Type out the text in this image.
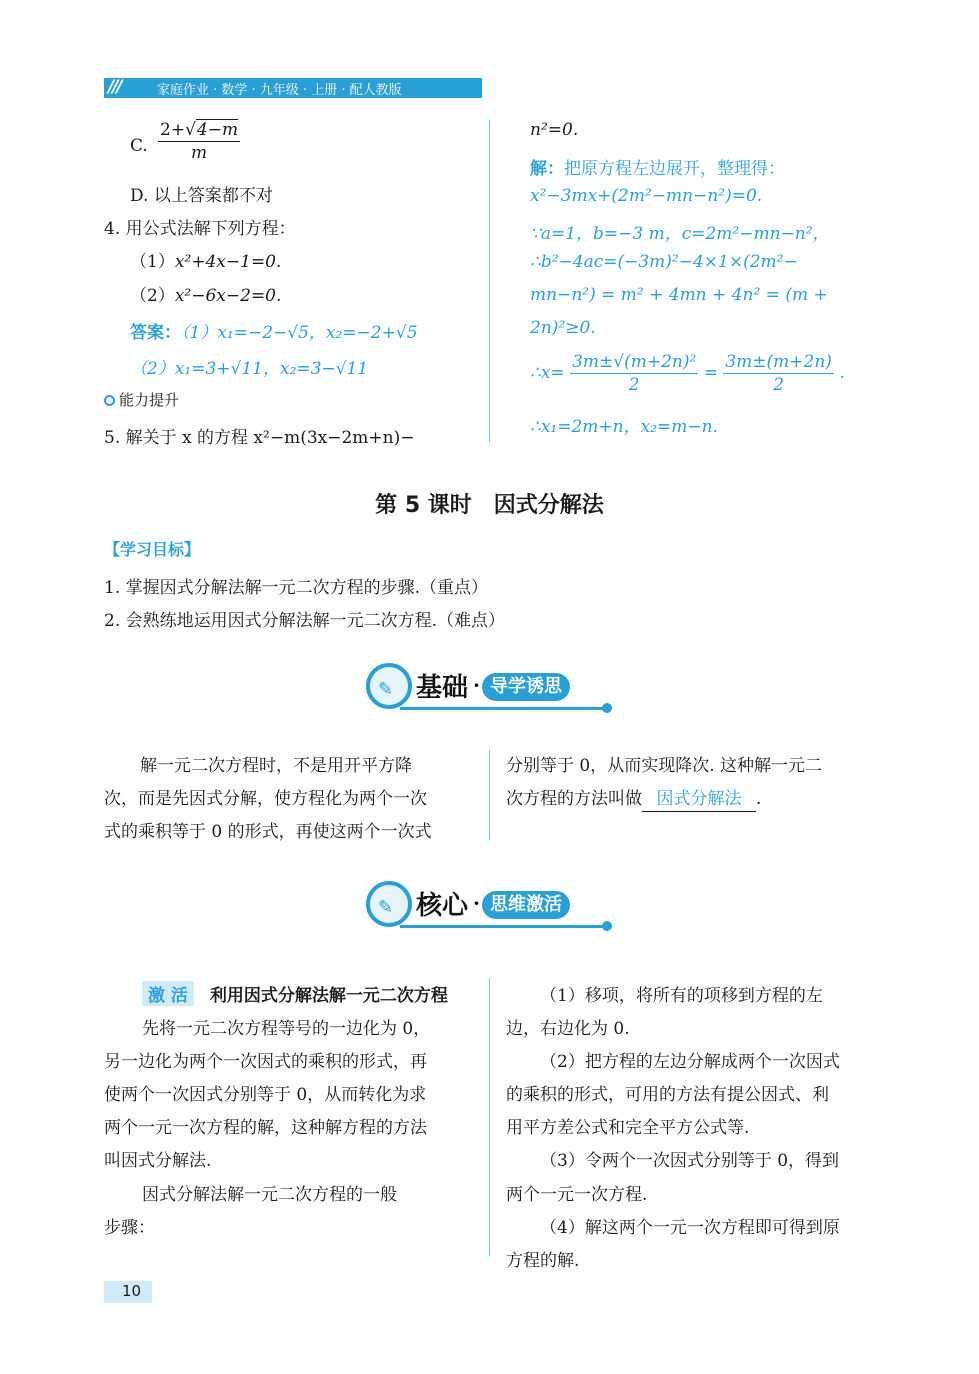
///	家庭作业 · 数学 · 九年级 · 上册 · 配人教版
C. $\frac{2+√4-m}{m}$
D. 以上答案都不对
4. 用公式法解下列方程：
（1）x²+4x−1=0.
（2）x²−6x−2=0.
答案：（1）x₁=−2−√5，x₂=−2+√5
（2）x₁=3+√11，x₂=3−√11
能力提升
5. 解关于 x 的方程 x²−m(3x−2m+n)−
n²=0.
解：把原方程左边展开，整理得：
x²−3mx+(2m²−mn−n²)=0.
∵a=1，b=−3 m，c=2m²−mn−n²，
∴b²−4ac=(−3m)²−4×1×(2m²−
mn−n²) = m² + 4mn + 4n² = (m +
2n)²≥0.
∴x= $\frac{\text{3m±√(m+2n)²}}{2} = \frac{3m\pm(m+2n)}{2}$ .
∴x₁=2m+n，x₂=m−n.
第 5 课时　因式分解法
【学习目标】
1. 掌握因式分解法解一元二次方程的步骤.（重点）
2. 会熟练地运用因式分解法解一元二次方程.（难点）
✎ 基础 · 导学诱思
解一元二次方程时，不是用开平方降
次，而是先因式分解，使方程化为两个一次
式的乘积等于 0 的形式，再使这两个一次式
分别等于 0，从而实现降次. 这种解一元二
次方程的方法叫做 因式分解法 .
✎ 核心 · 思维激活
激 活 利用因式分解法解一元二次方程
先将一元二次方程等号的一边化为 0，
另一边化为两个一次因式的乘积的形式，再
使两个一次因式分别等于 0，从而转化为求
两个一元一次方程的解，这种解方程的方法
叫因式分解法.
因式分解法解一元二次方程的一般
步骤：
（1）移项，将所有的项移到方程的左
边，右边化为 0.
（2）把方程的左边分解成两个一次因式
的乘积的形式，可用的方法有提公因式、利
用平方差公式和完全平方公式等.
（3）令两个一次因式分别等于 0，得到
两个一元一次方程.
（4）解这两个一元一次方程即可得到原
方程的解.
10
